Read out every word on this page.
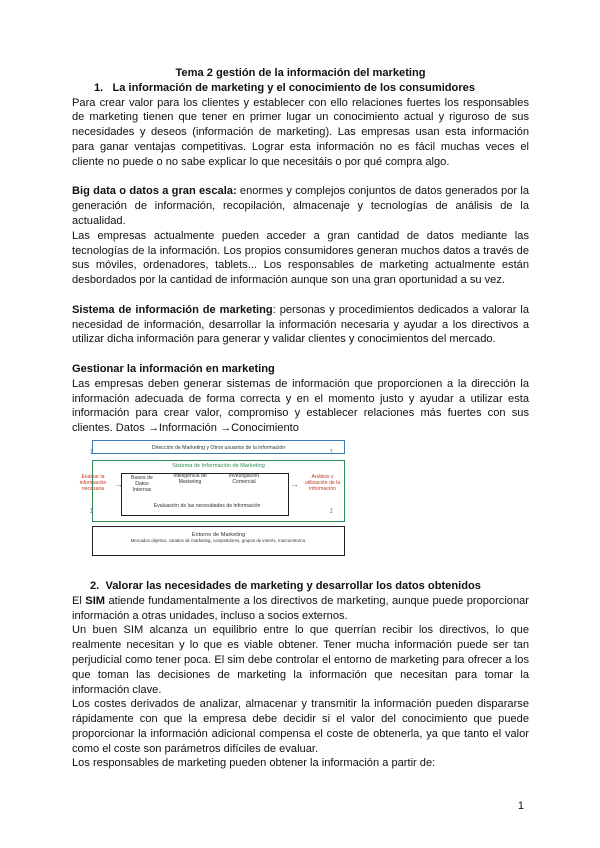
Tema 2 gestión de la información del marketing

1. La información de marketing y el conocimiento de los consumidores

Para crear valor para los clientes y establecer con ello relaciones fuertes los responsables de marketing tienen que tener en primer lugar un conocimiento actual y riguroso de sus necesidades y deseos (información de marketing). Las empresas usan esta información para ganar ventajas competitivas. Lograr esta información no es fácil muchas veces el cliente no puede o no sabe explicar lo que necesitáis o por qué compra algo.

Big data o datos a gran escala: enormes y complejos conjuntos de datos generados por la generación de información, recopilación, almacenaje y tecnologías de análisis de la actualidad.

Las empresas actualmente pueden acceder a gran cantidad de datos mediante las tecnologías de la información. Los propios consumidores generan muchos datos a través de sus móviles, ordenadores, tablets... Los responsables de marketing actualmente están desbordados por la cantidad de información aunque son una gran oportunidad a su vez.

Sistema de información de marketing: personas y procedimientos dedicados a valorar la necesidad de información, desarrollar la información necesaria y ayudar a los directivos a utilizar dicha información para generar y validar clientes y conocimientos del mercado.

Gestionar la información en marketing

Las empresas deben generar sistemas de información que proporcionen a la dirección la información adecuada de forma correcta y en el momento justo y ayudar a utilizar esta información para crear valor, compromiso y establecer relaciones más fuertes con sus clientes. Datos →Información →Conocimiento

Dirección de Marketing y Otros usuarios de la información
Sistema de Información de Marketing
Evaluar la información necesaria
Bases de Datos Internas
Inteligencia de Marketing
Investigación Comercial
Evaluación de las necesidades de información
Análisis y utilización de la información
Entorno de Marketing
Mercados objetivo, canales de marketing, competidores, grupos de interés, macroentorno.
↕	↕
→	→
↕	↕

2. Valorar las necesidades de marketing y desarrollar los datos obtenidos

El SIM atiende fundamentalmente a los directivos de marketing, aunque puede proporcionar información a otras unidades, incluso a socios externos.

Un buen SIM alcanza un equilibrio entre lo que querrían recibir los directivos, lo que realmente necesitan y lo que es viable obtener. Tener mucha información puede ser tan perjudicial como tener poca. El sim debe controlar el entorno de marketing para ofrecer a los que toman las decisiones de marketing la información que necesitan para tomar la información clave.

Los costes derivados de analizar, almacenar y transmitir la información pueden dispararse rápidamente con que la empresa debe decidir si el valor del conocimiento que puede proporcionar la información adicional compensa el coste de obtenerla, ya que tanto el valor como el coste son parámetros difíciles de evaluar.

Los responsables de marketing pueden obtener la información a partir de:

1
